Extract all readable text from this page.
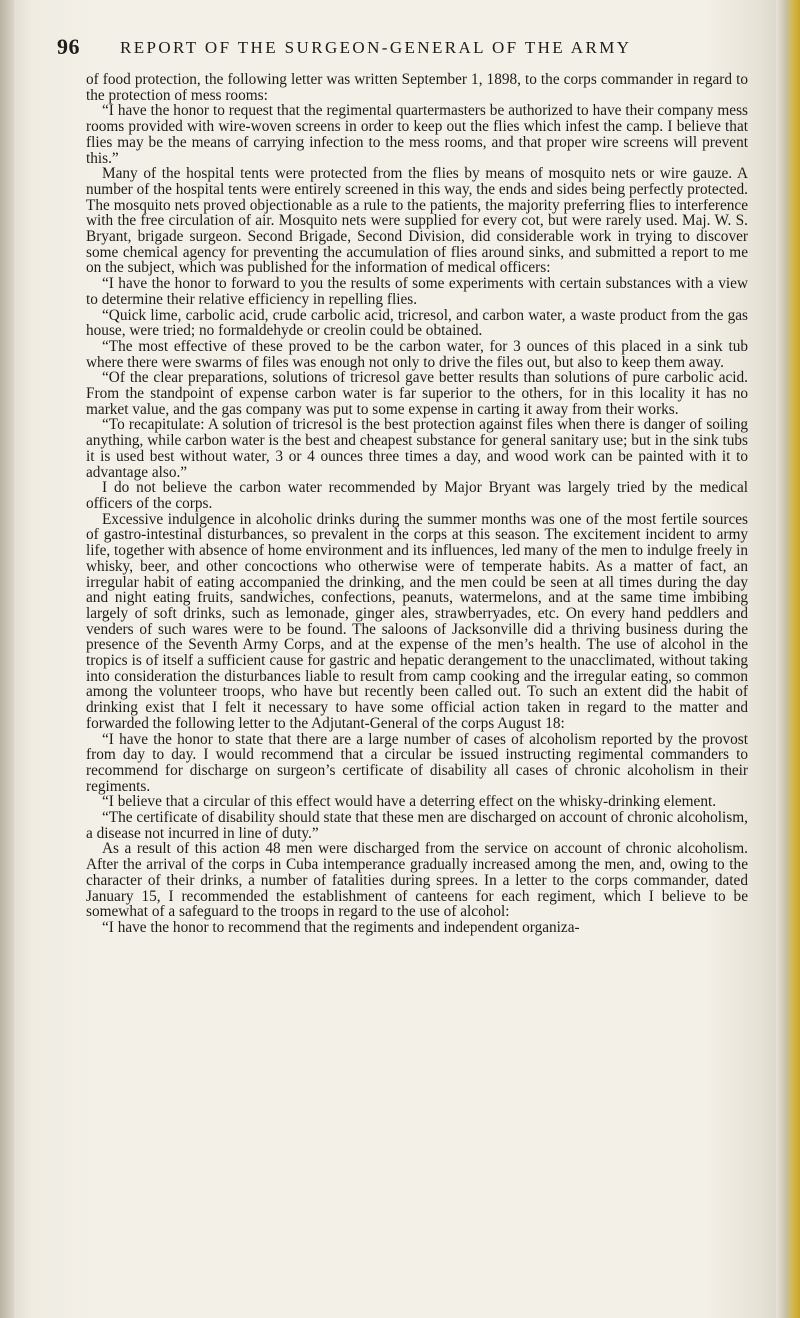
96 REPORT OF THE SURGEON-GENERAL OF THE ARMY

of food protection, the following letter was written September 1, 1898, to the corps commander in regard to the protection of mess rooms:

“I have the honor to request that the regimental quartermasters be authorized to have their company mess rooms provided with wire-woven screens in order to keep out the flies which infest the camp. I believe that flies may be the means of carrying infection to the mess rooms, and that proper wire screens will prevent this.”

Many of the hospital tents were protected from the flies by means of mosquito nets or wire gauze. A number of the hospital tents were entirely screened in this way, the ends and sides being perfectly protected. The mosquito nets proved objectionable as a rule to the patients, the majority preferring flies to interference with the free circulation of air. Mosquito nets were supplied for every cot, but were rarely used. Maj. W. S. Bryant, brigade surgeon. Second Brigade, Second Division, did considerable work in trying to discover some chemical agency for preventing the accumulation of flies around sinks, and submitted a report to me on the subject, which was published for the information of medical officers:

“I have the honor to forward to you the results of some experiments with certain substances with a view to determine their relative efficiency in repelling flies.

“Quick lime, carbolic acid, crude carbolic acid, tricresol, and carbon water, a waste product from the gas house, were tried; no formaldehyde or creolin could be obtained.

“The most effective of these proved to be the carbon water, for 3 ounces of this placed in a sink tub where there were swarms of files was enough not only to drive the files out, but also to keep them away.

“Of the clear preparations, solutions of tricresol gave better results than solutions of pure carbolic acid. From the standpoint of expense carbon water is far superior to the others, for in this locality it has no market value, and the gas company was put to some expense in carting it away from their works.

“To recapitulate: A solution of tricresol is the best protection against files when there is danger of soiling anything, while carbon water is the best and cheapest substance for general sanitary use; but in the sink tubs it is used best without water, 3 or 4 ounces three times a day, and wood work can be painted with it to advantage also.”

I do not believe the carbon water recommended by Major Bryant was largely tried by the medical officers of the corps.

Excessive indulgence in alcoholic drinks during the summer months was one of the most fertile sources of gastro-intestinal disturbances, so prevalent in the corps at this season. The excitement incident to army life, together with absence of home environment and its influences, led many of the men to indulge freely in whisky, beer, and other concoctions who otherwise were of temperate habits. As a matter of fact, an irregular habit of eating accompanied the drinking, and the men could be seen at all times during the day and night eating fruits, sandwiches, confections, peanuts, watermelons, and at the same time imbibing largely of soft drinks, such as lemonade, ginger ales, strawberryades, etc. On every hand peddlers and venders of such wares were to be found. The saloons of Jacksonville did a thriving business during the presence of the Seventh Army Corps, and at the expense of the men’s health. The use of alcohol in the tropics is of itself a sufficient cause for gastric and hepatic derangement to the unacclimated, without taking into consideration the disturbances liable to result from camp cooking and the irregular eating, so common among the volunteer troops, who have but recently been called out. To such an extent did the habit of drinking exist that I felt it necessary to have some official action taken in regard to the matter and forwarded the following letter to the Adjutant-General of the corps August 18:

“I have the honor to state that there are a large number of cases of alcoholism reported by the provost from day to day. I would recommend that a circular be issued instructing regimental commanders to recommend for discharge on surgeon’s certificate of disability all cases of chronic alcoholism in their regiments.

“I believe that a circular of this effect would have a deterring effect on the whisky-drinking element.

“The certificate of disability should state that these men are discharged on account of chronic alcoholism, a disease not incurred in line of duty.”

As a result of this action 48 men were discharged from the service on account of chronic alcoholism. After the arrival of the corps in Cuba intemperance gradually increased among the men, and, owing to the character of their drinks, a number of fatalities during sprees. In a letter to the corps commander, dated January 15, I recommended the establishment of canteens for each regiment, which I believe to be somewhat of a safeguard to the troops in regard to the use of alcohol:

“I have the honor to recommend that the regiments and independent organiza-
